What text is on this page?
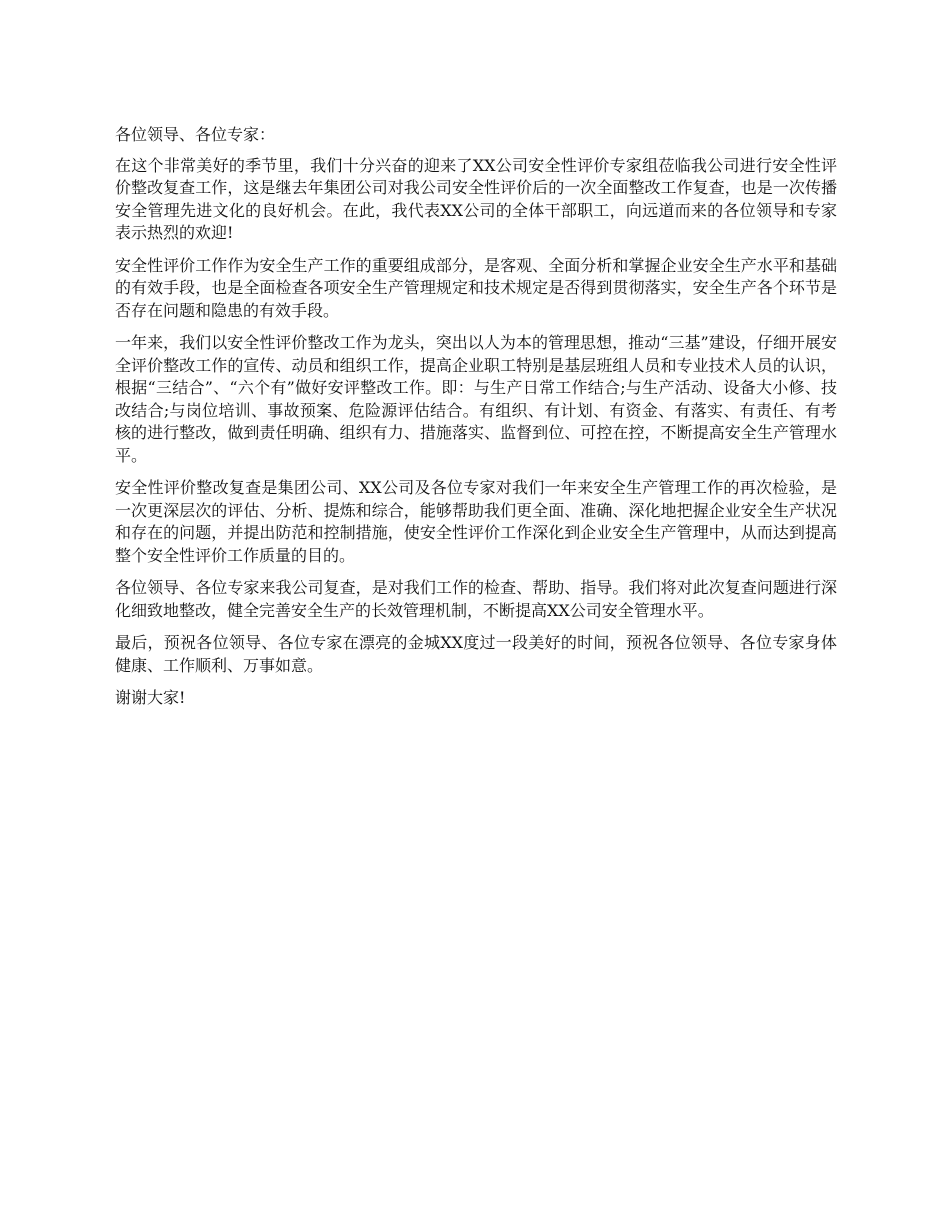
各位领导、各位专家：

在这个非常美好的季节里，我们十分兴奋的迎来了XX公司安全性评价专家组莅临我公司进行安全性评价整改复查工作，这是继去年集团公司对我公司安全性评价后的一次全面整改工作复查，也是一次传播安全管理先进文化的良好机会。在此，我代表XX公司的全体干部职工，向远道而来的各位领导和专家表示热烈的欢迎!

安全性评价工作作为安全生产工作的重要组成部分，是客观、全面分析和掌握企业安全生产水平和基础的有效手段，也是全面检查各项安全生产管理规定和技术规定是否得到贯彻落实，安全生产各个环节是否存在问题和隐患的有效手段。

一年来，我们以安全性评价整改工作为龙头，突出以人为本的管理思想，推动“三基”建设，仔细开展安全评价整改工作的宣传、动员和组织工作，提高企业职工特别是基层班组人员和专业技术人员的认识，根据“三结合”、“六个有”做好安评整改工作。即：与生产日常工作结合;与生产活动、设备大小修、技改结合;与岗位培训、事故预案、危险源评估结合。有组织、有计划、有资金、有落实、有责任、有考核的进行整改，做到责任明确、组织有力、措施落实、监督到位、可控在控，不断提高安全生产管理水平。

安全性评价整改复查是集团公司、XX公司及各位专家对我们一年来安全生产管理工作的再次检验，是一次更深层次的评估、分析、提炼和综合，能够帮助我们更全面、准确、深化地把握企业安全生产状况和存在的问题，并提出防范和控制措施，使安全性评价工作深化到企业安全生产管理中，从而达到提高整个安全性评价工作质量的目的。

各位领导、各位专家来我公司复查，是对我们工作的检查、帮助、指导。我们将对此次复查问题进行深化细致地整改，健全完善安全生产的长效管理机制，不断提高XX公司安全管理水平。

最后，预祝各位领导、各位专家在漂亮的金城XX度过一段美好的时间，预祝各位领导、各位专家身体健康、工作顺利、万事如意。

谢谢大家!
